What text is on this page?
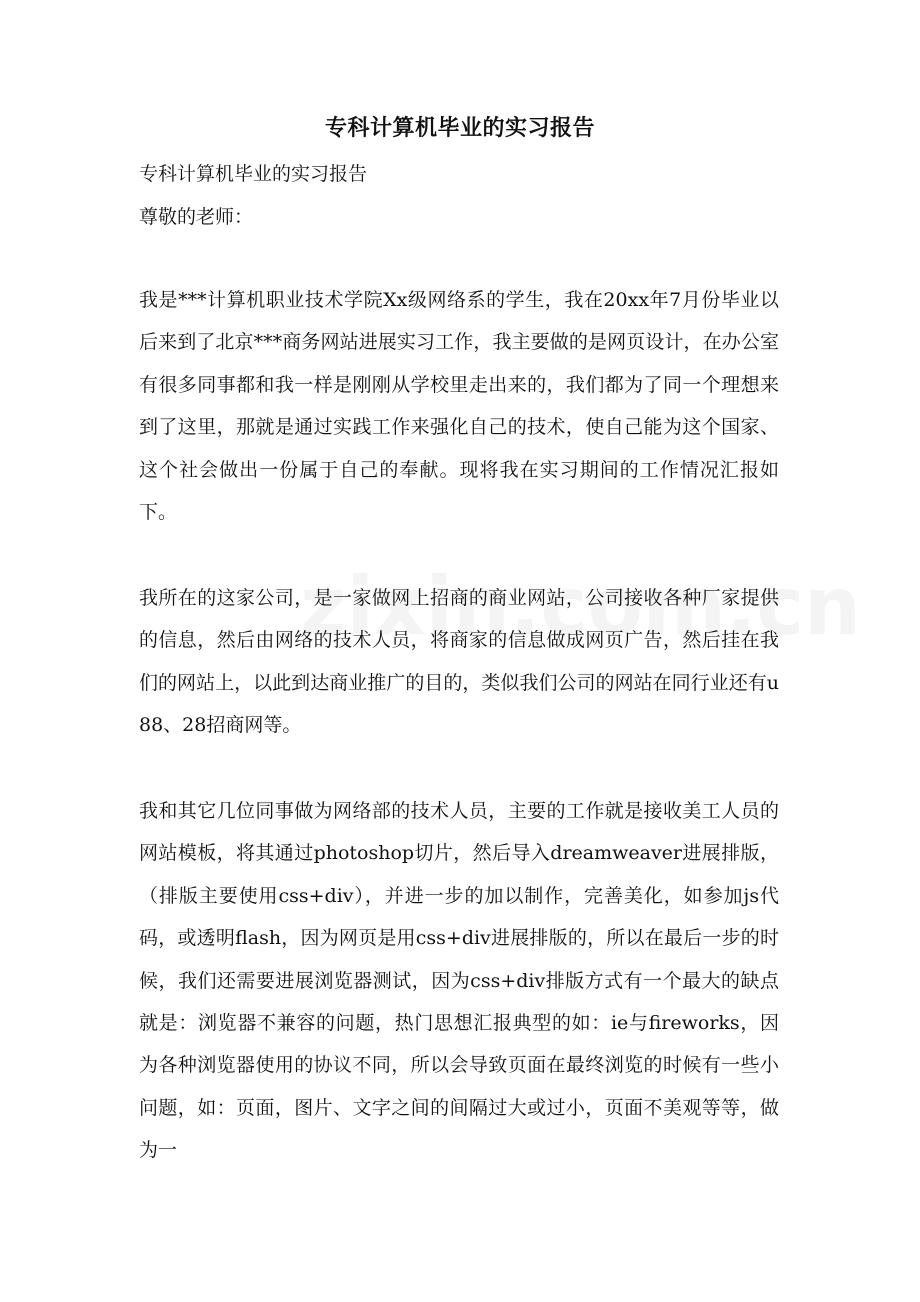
专科计算机毕业的实习报告

专科计算机毕业的实习报告

尊敬的老师：

我是***计算机职业技术学院Xx级网络系的学生，我在20xx年7月份毕业以后来到了北京***商务网站进展实习工作，我主要做的是网页设计，在办公室有很多同事都和我一样是刚刚从学校里走出来的，我们都为了同一个理想来到了这里，那就是通过实践工作来强化自己的技术，使自己能为这个国家、这个社会做出一份属于自己的奉献。现将我在实习期间的工作情况汇报如下。

我所在的这家公司，是一家做网上招商的商业网站，公司接收各种厂家提供的信息，然后由网络的技术人员，将商家的信息做成网页广告，然后挂在我们的网站上，以此到达商业推广的目的，类似我们公司的网站在同行业还有u88、28招商网等。

我和其它几位同事做为网络部的技术人员，主要的工作就是接收美工人员的网站模板，将其通过photoshop切片，然后导入dreamweaver进展排版，（排版主要使用css+div），并进一步的加以制作，完善美化，如参加js代码，或透明flash，因为网页是用css+div进展排版的，所以在最后一步的时候，我们还需要进展浏览器测试，因为css+div排版方式有一个最大的缺点就是：浏览器不兼容的问题，热门思想汇报典型的如：ie与fireworks，因为各种浏览器使用的协议不同，所以会导致页面在最终浏览的时候有一些小问题，如：页面，图片、文字之间的间隔过大或过小，页面不美观等等，做为一
